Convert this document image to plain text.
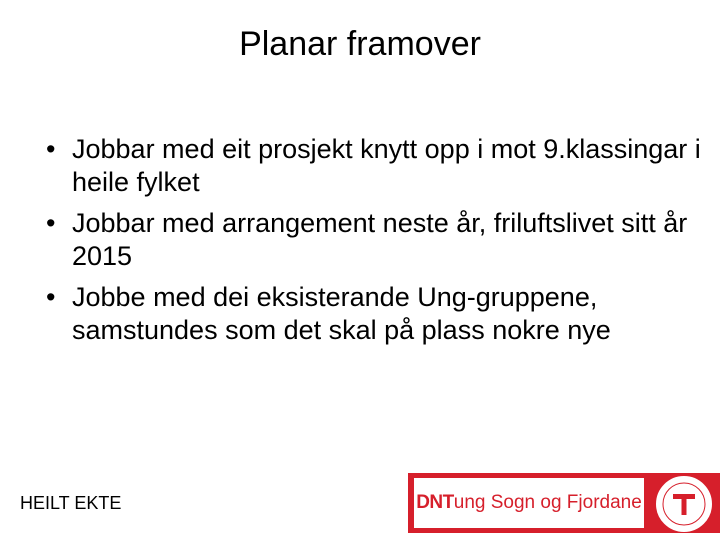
Planar framover
• Jobbar med eit prosjekt knytt opp i mot 9.klassingar i heile fylket
• Jobbar med arrangement neste år, friluftslivet sitt år 2015
• Jobbe med dei eksisterande Ung-gruppene, samstundes som det skal på plass nokre nye
HEILT EKTE	DNTung Sogn og Fjordane
